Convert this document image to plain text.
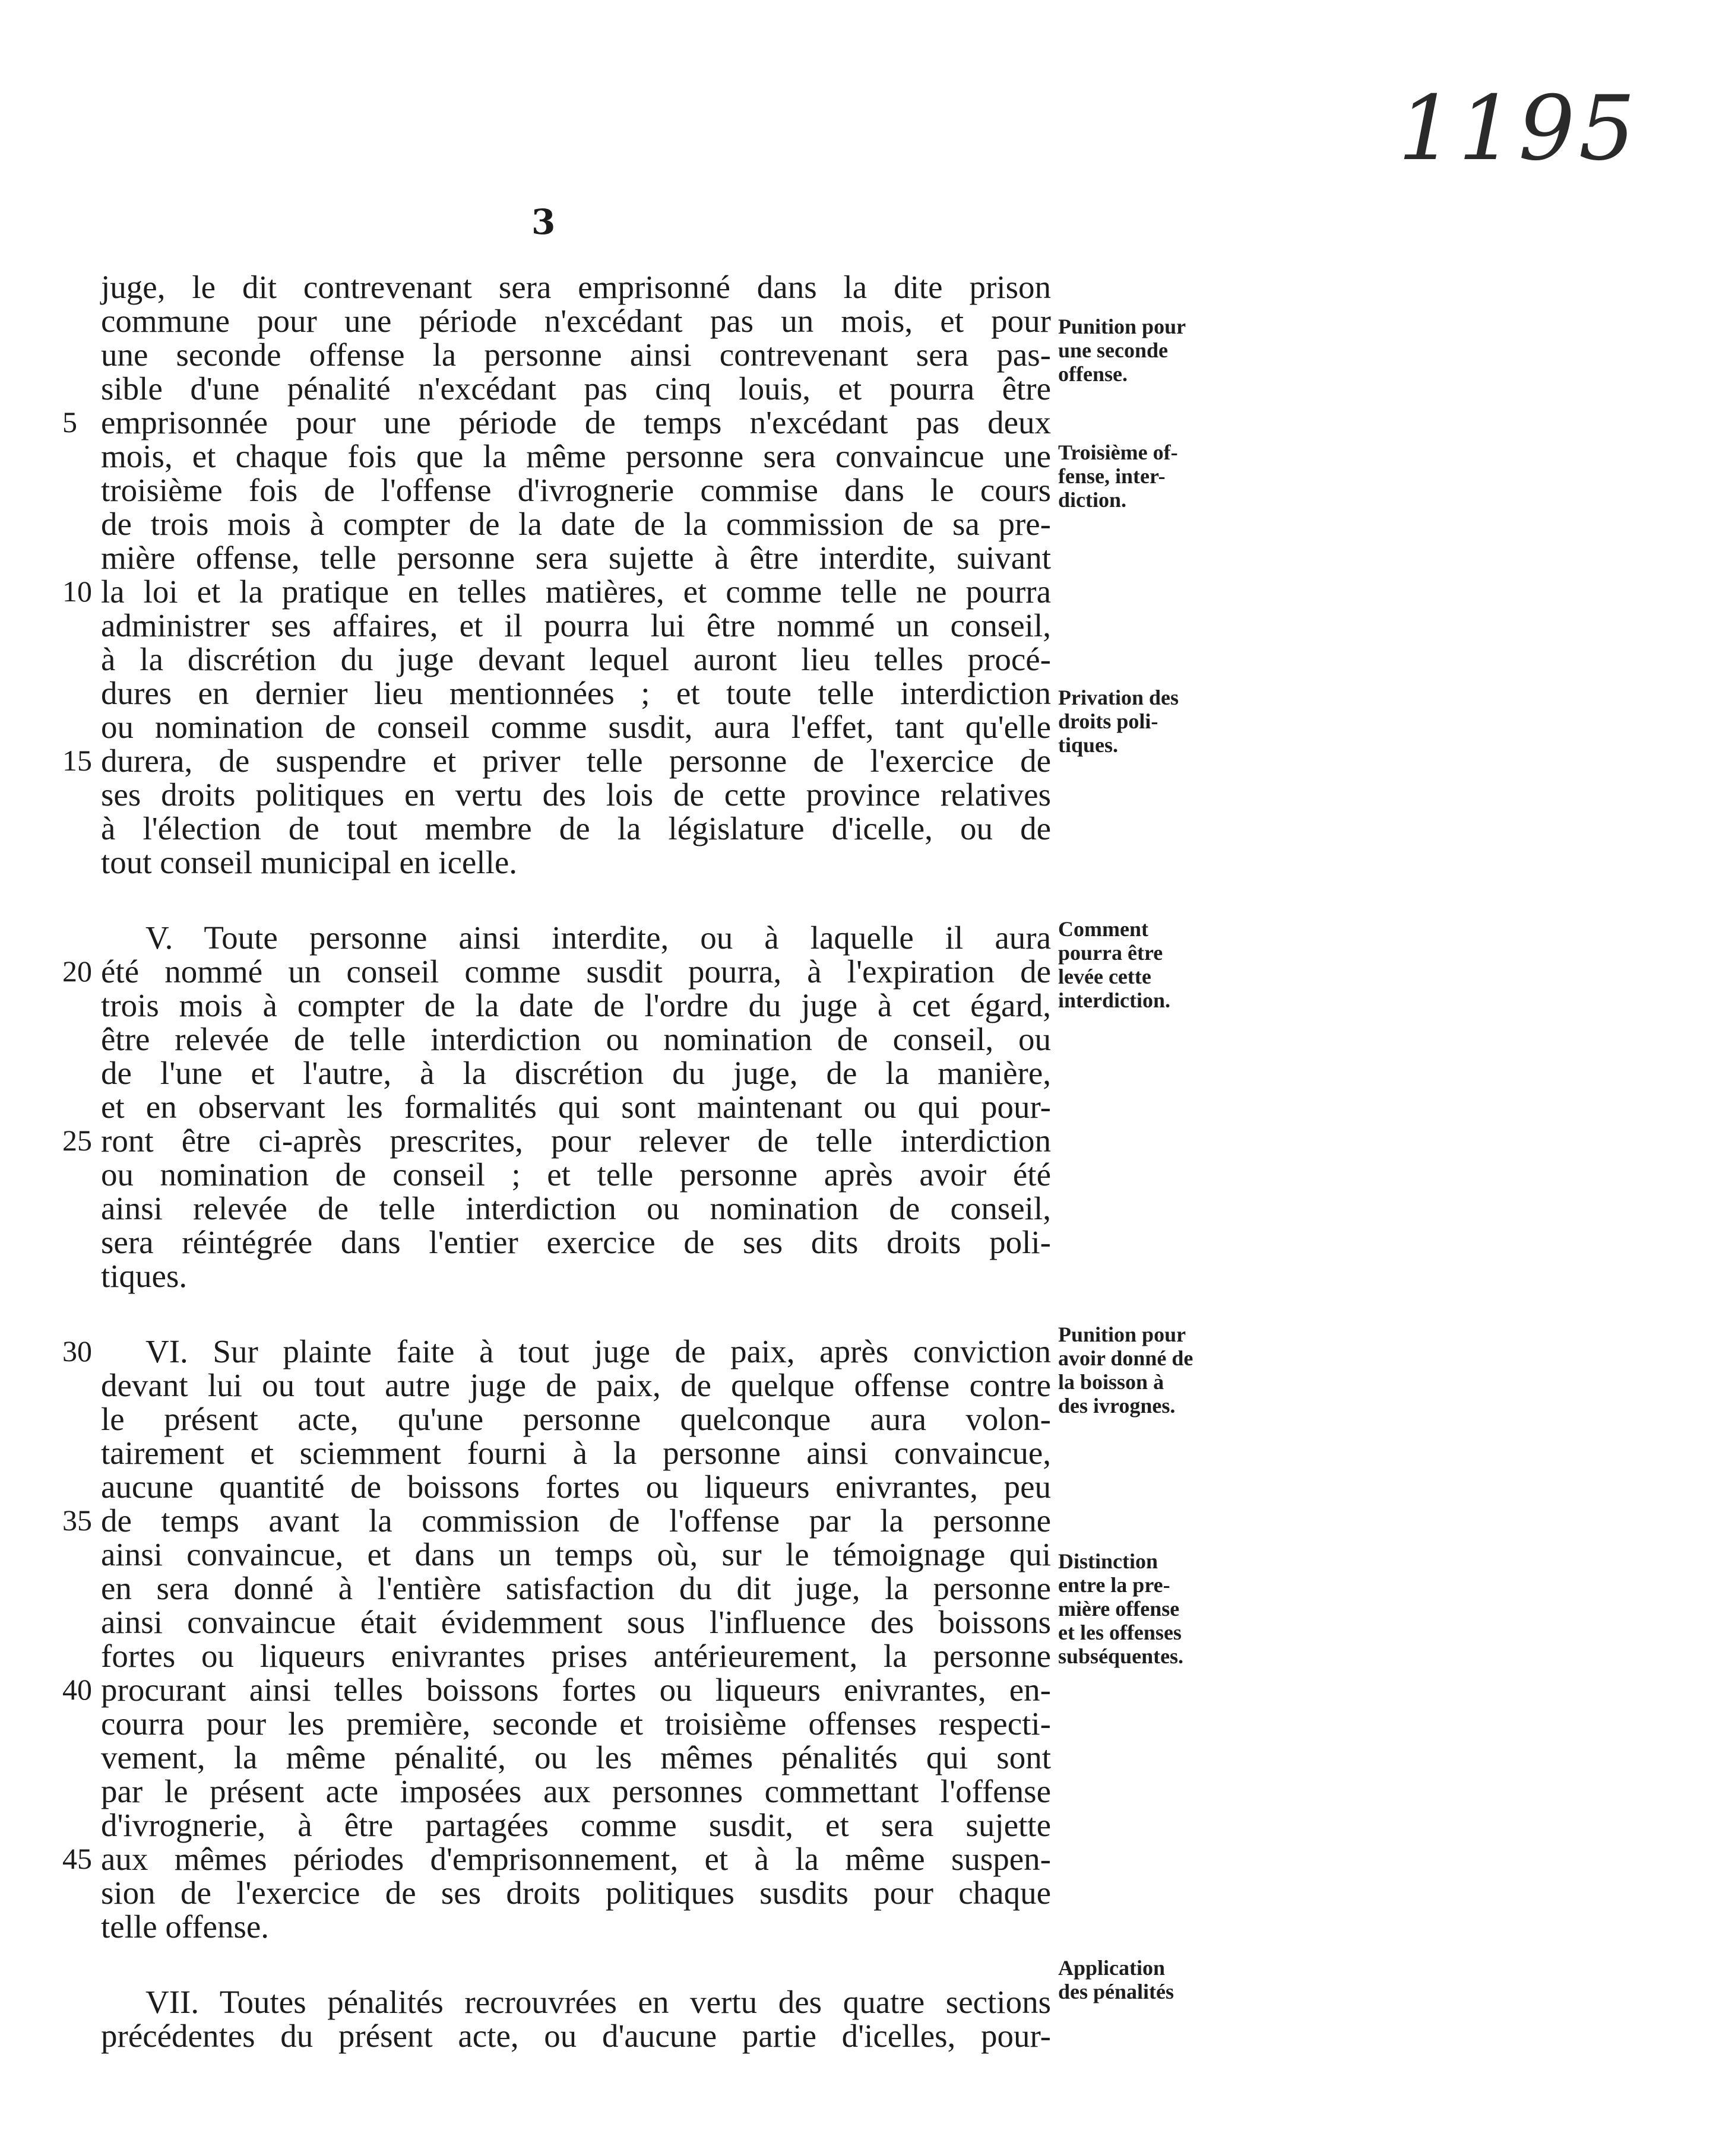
1195
3
juge, le dit contrevenant sera emprisonné dans la dite prison
commune pour une période n'excédant pas un mois, et pour
une seconde offense la personne ainsi contrevenant sera pas-
sible d'une pénalité n'excédant pas cinq louis, et pourra être
5 emprisonnée pour une période de temps n'excédant pas deux
mois, et chaque fois que la même personne sera convaincue une
troisième fois de l'offense d'ivrognerie commise dans le cours
de trois mois à compter de la date de la commission de sa pre-
mière offense, telle personne sera sujette à être interdite, suivant
10 la loi et la pratique en telles matières, et comme telle ne pourra
administrer ses affaires, et il pourra lui être nommé un conseil,
à la discrétion du juge devant lequel auront lieu telles procé-
dures en dernier lieu mentionnées ; et toute telle interdiction
ou nomination de conseil comme susdit, aura l'effet, tant qu'elle
15 durera, de suspendre et priver telle personne de l'exercice de
ses droits politiques en vertu des lois de cette province relatives
à l'élection de tout membre de la législature d'icelle, ou de
tout conseil municipal en icelle.
V. Toute personne ainsi interdite, ou à laquelle il aura
20 été nommé un conseil comme susdit pourra, à l'expiration de
trois mois à compter de la date de l'ordre du juge à cet égard,
être relevée de telle interdiction ou nomination de conseil, ou
de l'une et l'autre, à la discrétion du juge, de la manière,
et en observant les formalités qui sont maintenant ou qui pour-
25 ront être ci-après prescrites, pour relever de telle interdiction
ou nomination de conseil ; et telle personne après avoir été
ainsi relevée de telle interdiction ou nomination de conseil,
sera réintégrée dans l'entier exercice de ses dits droits poli-
tiques.
30 VI. Sur plainte faite à tout juge de paix, après conviction
devant lui ou tout autre juge de paix, de quelque offense contre
le présent acte, qu'une personne quelconque aura volon-
tairement et sciemment fourni à la personne ainsi convaincue,
aucune quantité de boissons fortes ou liqueurs enivrantes, peu
35 de temps avant la commission de l'offense par la personne
ainsi convaincue, et dans un temps où, sur le témoignage qui
en sera donné à l'entière satisfaction du dit juge, la personne
ainsi convaincue était évidemment sous l'influence des boissons
fortes ou liqueurs enivrantes prises antérieurement, la personne
40 procurant ainsi telles boissons fortes ou liqueurs enivrantes, en-
courra pour les première, seconde et troisième offenses respecti-
vement, la même pénalité, ou les mêmes pénalités qui sont
par le présent acte imposées aux personnes commettant l'offense
d'ivrognerie, à être partagées comme susdit, et sera sujette
45 aux mêmes périodes d'emprisonnement, et à la même suspen-
sion de l'exercice de ses droits politiques susdits pour chaque
telle offense.
VII. Toutes pénalités recrouvrées en vertu des quatre sections
précédentes du présent acte, ou d'aucune partie d'icelles, pour-
Punition pour
une seconde
offense.
Troisième of-
fense, inter-
diction.
Privation des
droits poli-
tiques.
Comment
pourra être
levée cette
interdiction.
Punition pour
avoir donné de
la boisson à
des ivrognes.
Distinction
entre la pre-
mière offense
et les offenses
subséquentes.
Application
des pénalités
